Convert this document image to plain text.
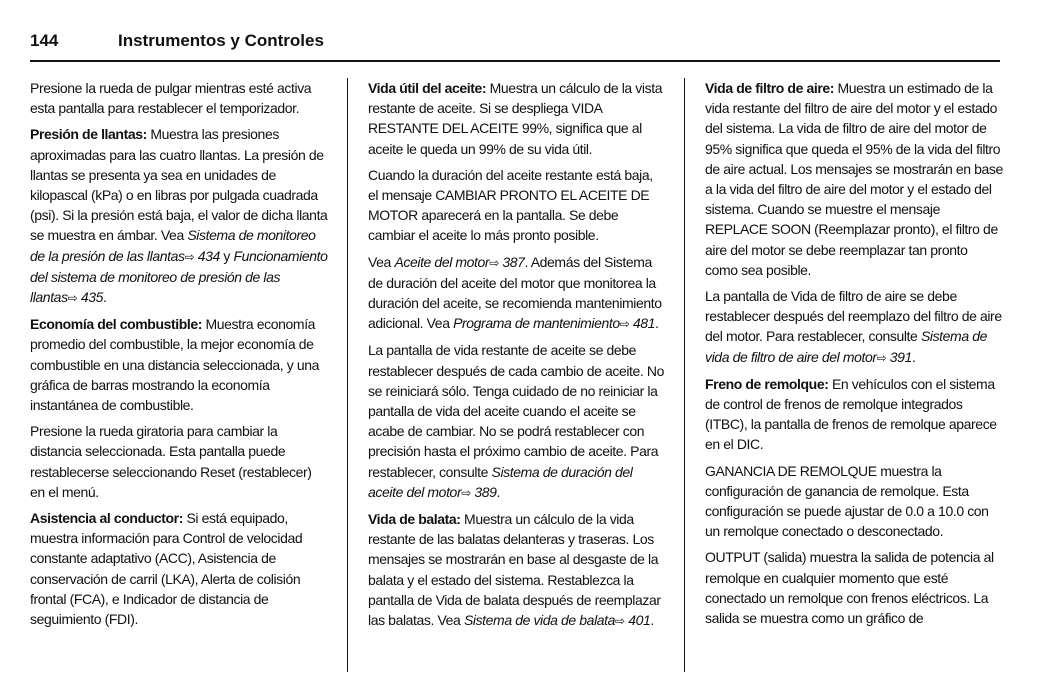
144	Instrumentos y Controles

Presione la rueda de pulgar mientras esté activa esta pantalla para restablecer el temporizador.

Presión de llantas: Muestra las presiones aproximadas para las cuatro llantas. La presión de llantas se presenta ya sea en unidades de kilopascal (kPa) o en libras por pulgada cuadrada (psi). Si la presión está baja, el valor de dicha llanta se muestra en ámbar. Vea Sistema de monitoreo de la presión de las llantas⇨ 434 y Funcionamiento del sistema de monitoreo de presión de las llantas⇨ 435.

Economía del combustible: Muestra economía promedio del combustible, la mejor economía de combustible en una distancia seleccionada, y una gráfica de barras mostrando la economía instantánea de combustible.

Presione la rueda giratoria para cambiar la distancia seleccionada. Esta pantalla puede restablecerse seleccionando Reset (restablecer) en el menú.

Asistencia al conductor: Si está equipado, muestra información para Control de velocidad constante adaptativo (ACC), Asistencia de conservación de carril (LKA), Alerta de colisión frontal (FCA), e Indicador de distancia de seguimiento (FDI).

Vida útil del aceite: Muestra un cálculo de la vista restante de aceite. Si se despliega VIDA RESTANTE DEL ACEITE 99%, significa que al aceite le queda un 99% de su vida útil.

Cuando la duración del aceite restante está baja, el mensaje CAMBIAR PRONTO EL ACEITE DE MOTOR aparecerá en la pantalla. Se debe cambiar el aceite lo más pronto posible.

Vea Aceite del motor⇨ 387. Además del Sistema de duración del aceite del motor que monitorea la duración del aceite, se recomienda mantenimiento adicional. Vea Programa de mantenimiento⇨ 481.

La pantalla de vida restante de aceite se debe restablecer después de cada cambio de aceite. No se reiniciará sólo. Tenga cuidado de no reiniciar la pantalla de vida del aceite cuando el aceite se acabe de cambiar. No se podrá restablecer con precisión hasta el próximo cambio de aceite. Para restablecer, consulte Sistema de duración del aceite del motor⇨ 389.

Vida de balata: Muestra un cálculo de la vida restante de las balatas delanteras y traseras. Los mensajes se mostrarán en base al desgaste de la balata y el estado del sistema. Restablezca la pantalla de Vida de balata después de reemplazar las balatas. Vea Sistema de vida de balata⇨ 401.

Vida de filtro de aire: Muestra un estimado de la vida restante del filtro de aire del motor y el estado del sistema. La vida de filtro de aire del motor de 95% significa que queda el 95% de la vida del filtro de aire actual. Los mensajes se mostrarán en base a la vida del filtro de aire del motor y el estado del sistema. Cuando se muestre el mensaje REPLACE SOON (Reemplazar pronto), el filtro de aire del motor se debe reemplazar tan pronto como sea posible.

La pantalla de Vida de filtro de aire se debe restablecer después del reemplazo del filtro de aire del motor. Para restablecer, consulte Sistema de vida de filtro de aire del motor⇨ 391.

Freno de remolque: En vehículos con el sistema de control de frenos de remolque integrados (ITBC), la pantalla de frenos de remolque aparece en el DIC.

GANANCIA DE REMOLQUE muestra la configuración de ganancia de remolque. Esta configuración se puede ajustar de 0.0 a 10.0 con un remolque conectado o desconectado.

OUTPUT (salida) muestra la salida de potencia al remolque en cualquier momento que esté conectado un remolque con frenos eléctricos. La salida se muestra como un gráfico de
